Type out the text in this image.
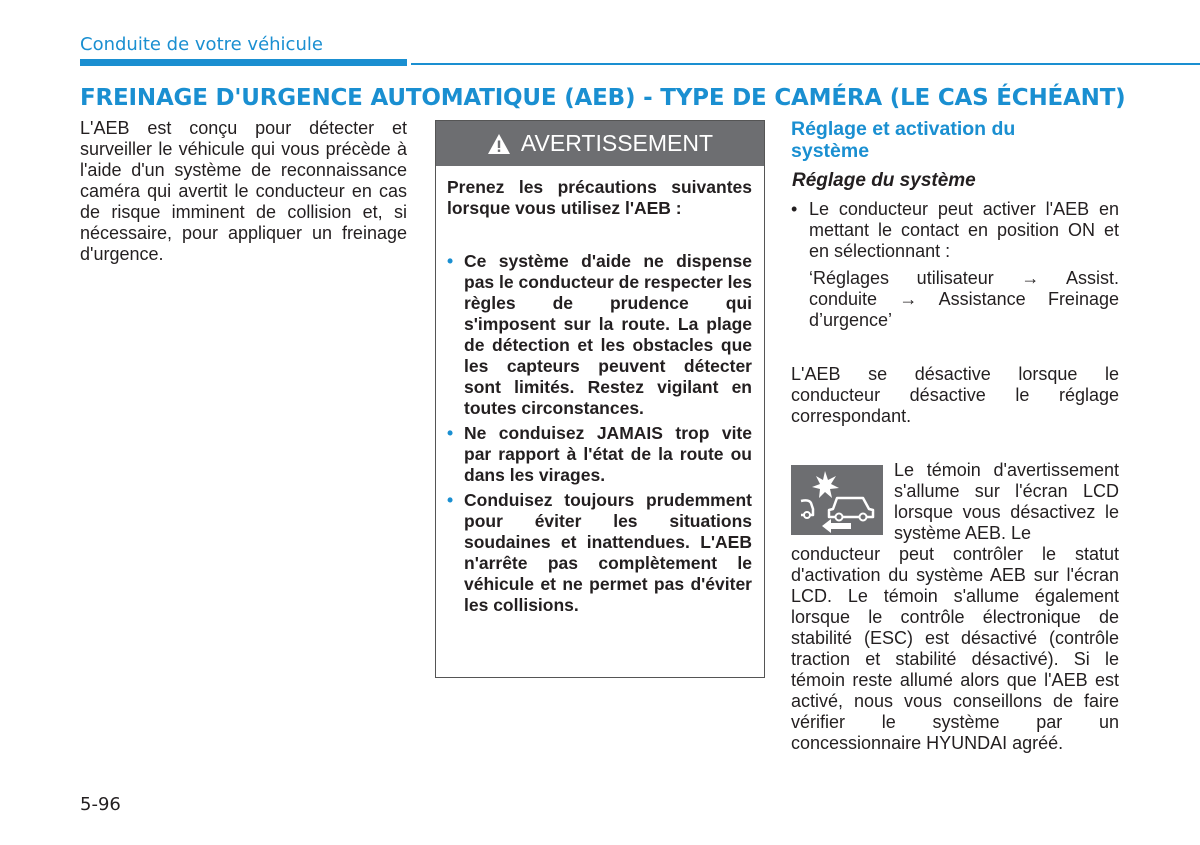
Conduite de votre véhicule
FREINAGE D'URGENCE AUTOMATIQUE (AEB) - TYPE DE CAMÉRA (LE CAS ÉCHÉANT)

L'AEB est conçu pour détecter et surveiller le véhicule qui vous précède à l'aide d'un système de reconnaissance caméra qui avertit le conducteur en cas de risque imminent de collision et, si nécessaire, pour appliquer un freinage d'urgence.

AVERTISSEMENT

Prenez les précautions suivantes lorsque vous utilisez l'AEB :

• Ce système d'aide ne dispense pas le conducteur de respecter les règles de prudence qui s'imposent sur la route. La plage de détection et les obstacles que les capteurs peuvent détecter sont limités. Restez vigilant en toutes circonstances.
• Ne conduisez JAMAIS trop vite par rapport à l'état de la route ou dans les virages.
• Conduisez toujours prudemment pour éviter les situations soudaines et inattendues. L'AEB n'arrête pas complètement le véhicule et ne permet pas d'éviter les collisions.
Réglage et activation du système
Réglage du système
• Le conducteur peut activer l'AEB en mettant le contact en position ON et en sélectionnant :

‘Réglages utilisateur → Assist. conduite → Assistance Freinage d’urgence’

L'AEB se désactive lorsque le conducteur désactive le réglage correspondant.

Le témoin d'avertissement s'allume sur l'écran LCD lorsque vous désactivez le système AEB. Le

conducteur peut contrôler le statut d'activation du système AEB sur l'écran LCD. Le témoin s'allume également lorsque le contrôle électronique de stabilité (ESC) est désactivé (contrôle traction et stabilité désactivé). Si le témoin reste allumé alors que l'AEB est activé, nous vous conseillons de faire vérifier le système par un concessionnaire HYUNDAI agréé.

5-96
